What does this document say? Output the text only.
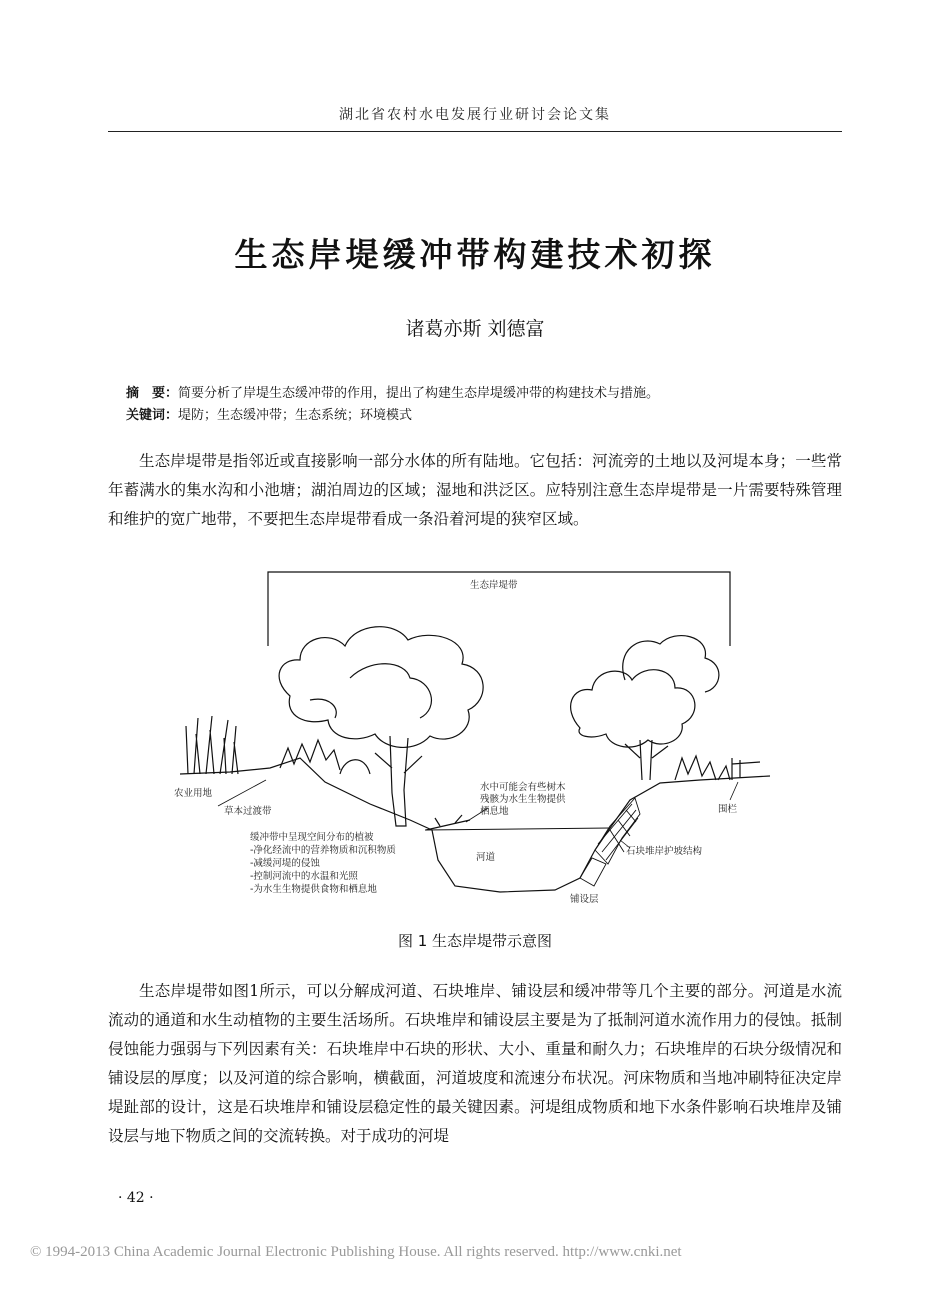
湖北省农村水电发展行业研讨会论文集
生态岸堤缓冲带构建技术初探
诸葛亦斯 刘德富
摘　要：简要分析了岸堤生态缓冲带的作用，提出了构建生态岸堤缓冲带的构建技术与措施。
关键词：堤防；生态缓冲带；生态系统；环境模式
生态岸堤带是指邻近或直接影响一部分水体的所有陆地。它包括：河流旁的土地以及河堤本身；一些常年蓄满水的集水沟和小池塘；湖泊周边的区域；湿地和洪泛区。应特别注意生态岸堤带是一片需要特殊管理和维护的宽广地带，不要把生态岸堤带看成一条沿着河堤的狭窄区域。
生态岸堤带
农业用地
草本过渡带
水中可能会有些树木
残骸为水生生物提供
栖息地	围栏
缓冲带中呈现空间分布的植被
-净化经流中的营养物质和沉积物质
-减缓河堤的侵蚀
-控制河流中的水温和光照
-为水生生物提供食物和栖息地
河道
石块堆岸护坡结构
铺设层
图 1 生态岸堤带示意图
生态岸堤带如图1所示，可以分解成河道、石块堆岸、铺设层和缓冲带等几个主要的部分。河道是水流流动的通道和水生动植物的主要生活场所。石块堆岸和铺设层主要是为了抵制河道水流作用力的侵蚀。抵制侵蚀能力强弱与下列因素有关：石块堆岸中石块的形状、大小、重量和耐久力；石块堆岸的石块分级情况和铺设层的厚度；以及河道的综合影响，横截面，河道坡度和流速分布状况。河床物质和当地冲刷特征决定岸堤趾部的设计，这是石块堆岸和铺设层稳定性的最关键因素。河堤组成物质和地下水条件影响石块堆岸及铺设层与地下物质之间的交流转换。对于成功的河堤
· 42 ·
© 1994-2013 China Academic Journal Electronic Publishing House. All rights reserved. http://www.cnki.net
